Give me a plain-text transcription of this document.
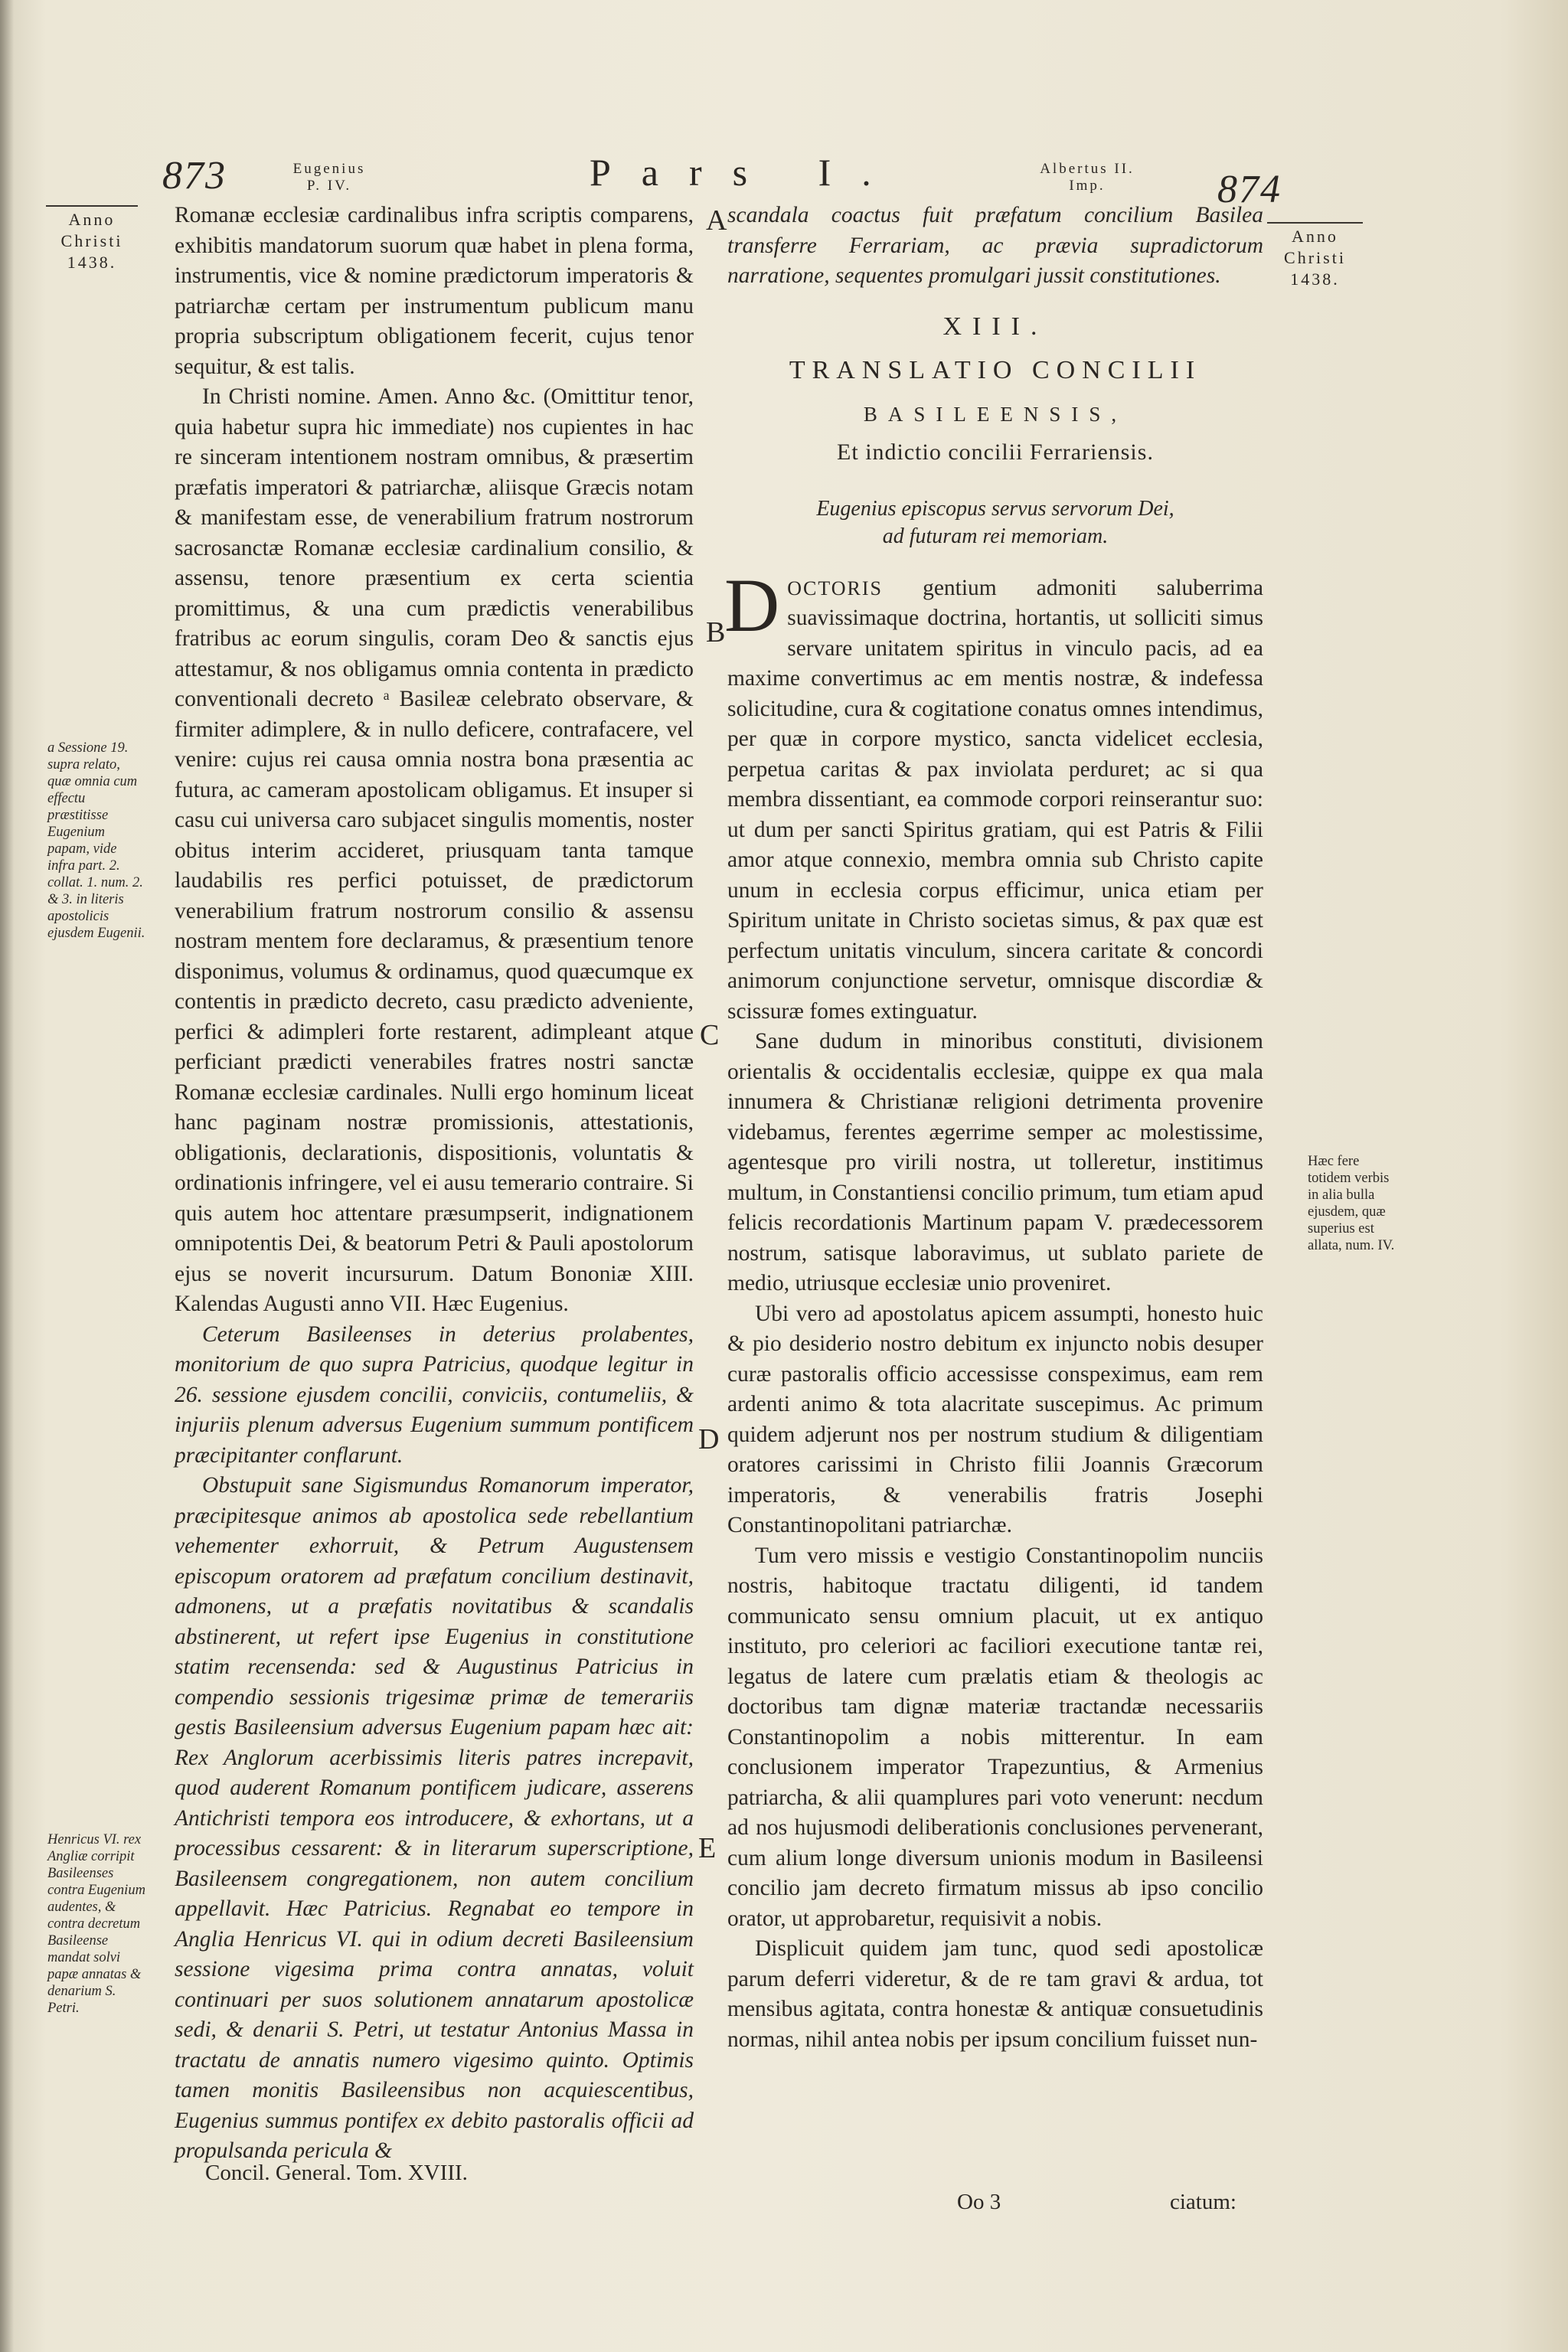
873	Eugenius
P. IV.	Pars I.	Albertus II.
Imp.	874
Anno
Christi
1438.
Anno
Christi
1438.
A
B
C
D
E
a Sessione 19. supra relato, quæ omnia cum effectu præstitisse Eugenium papam, vide infra part. 2. collat. 1. num. 2. & 3. in literis apostolicis ejusdem Eugenii.
Henricus VI. rex Angliæ corripit Basileenses contra Eugenium audentes, & contra decretum Basileense mandat solvi papæ annatas & denarium S. Petri.

Romanæ ecclesiæ cardinalibus infra scriptis comparens, exhibitis mandatorum suorum quæ habet in plena forma, instrumentis, vice & nomine prædictorum imperatoris & patriarchæ certam per instrumentum publicum manu propria subscriptum obligationem fecerit, cujus tenor sequitur, & est talis.

In Christi nomine. Amen. Anno &c. (Omittitur tenor, quia habetur supra hic immediate) nos cupientes in hac re sinceram intentionem nostram omnibus, & præsertim præfatis imperatori & patriarchæ, aliisque Græcis notam & manifestam esse, de venerabilium fratrum nostrorum sacrosanctæ Romanæ ecclesiæ cardinalium consilio, & assensu, tenore præsentium ex certa scientia promittimus, & una cum prædictis venerabilibus fratribus ac eorum singulis, coram Deo & sanctis ejus attestamur, & nos obligamus omnia contenta in prædicto conventionali decreto ᵃ Basileæ celebrato observare, & firmiter adimplere, & in nullo deficere, contrafacere, vel venire: cujus rei causa omnia nostra bona præsentia ac futura, ac cameram apostolicam obligamus. Et insuper si casu cui universa caro subjacet singulis momentis, noster obitus interim accideret, priusquam tanta tamque laudabilis res perfici potuisset, de prædictorum venerabilium fratrum nostrorum consilio & assensu nostram mentem fore declaramus, & præsentium tenore disponimus, volumus & ordinamus, quod quæcumque ex contentis in prædicto decreto, casu prædicto adveniente, perfici & adimpleri forte restarent, adimpleant atque perficiant prædicti venerabiles fratres nostri sanctæ Romanæ ecclesiæ cardinales. Nulli ergo hominum liceat hanc paginam nostræ promissionis, attestationis, obligationis, declarationis, dispositionis, voluntatis & ordinationis infringere, vel ei ausu temerario contraire. Si quis autem hoc attentare præsumpserit, indignationem omnipotentis Dei, & beatorum Petri & Pauli apostolorum ejus se noverit incursurum. Datum Bononiæ XIII. Kalendas Augusti anno VII. Hæc Eugenius.

Ceterum Basileenses in deterius prolabentes, monitorium de quo supra Patricius, quodque legitur in 26. sessione ejusdem concilii, conviciis, contumeliis, & injuriis plenum adversus Eugenium summum pontificem præcipitanter conflarunt.

Obstupuit sane Sigismundus Romanorum imperator, præcipitesque animos ab apostolica sede rebellantium vehementer exhorruit, & Petrum Augustensem episcopum oratorem ad præfatum concilium destinavit, admonens, ut a præfatis novitatibus & scandalis abstinerent, ut refert ipse Eugenius in constitutione statim recensenda: sed & Augustinus Patricius in compendio sessionis trigesimæ primæ de temerariis gestis Basileensium adversus Eugenium papam hæc ait: Rex Anglorum acerbissimis literis patres increpavit, quod auderent Romanum pontificem judicare, asserens Antichristi tempora eos introducere, & exhortans, ut a processibus cessarent: & in literarum superscriptione, Basileensem congregationem, non autem concilium appellavit. Hæc Patricius. Regnabat eo tempore in Anglia Henricus VI. qui in odium decreti Basileensium sessione vigesima prima contra annatas, voluit continuari per suos solutionem annatarum apostolicæ sedi, & denarii S. Petri, ut testatur Antonius Massa in tractatu de annatis numero vigesimo quinto. Optimis tamen monitis Basileensibus non acquiescentibus, Eugenius summus pontifex ex debito pastoralis officii ad propulsanda pericula &

Concil. General. Tom. XVIII.
Hæc fere totidem verbis in alia bulla ejusdem, quæ superius est allata, num. IV.

scandala coactus fuit præfatum concilium Basilea transferre Ferrariam, ac prævia supradictorum narratione, sequentes promulgari jussit constitutiones.

XIII.
TRANSLATIO CONCILII
BASILEENSIS,
Et indictio concilii Ferrariensis.
Eugenius episcopus servus servorum Dei,
ad futuram rei memoriam.

DOCTORIS gentium admoniti saluberrima suavissimaque doctrina, hortantis, ut solliciti simus servare unitatem spiritus in vinculo pacis, ad ea maxime convertimus ac em mentis nostræ, & indefessa solicitudine, cura & cogitatione conatus omnes intendimus, per quæ in corpore mystico, sancta videlicet ecclesia, perpetua caritas & pax inviolata perduret; ac si qua membra dissentiant, ea commode corpori reinserantur suo: ut dum per sancti Spiritus gratiam, qui est Patris & Filii amor atque connexio, membra omnia sub Christo capite unum in ecclesia corpus efficimur, unica etiam per Spiritum unitate in Christo societas simus, & pax quæ est perfectum unitatis vinculum, sincera caritate & concordi animorum conjunctione servetur, omnisque discordiæ & scissuræ fomes extinguatur.

Sane dudum in minoribus constituti, divisionem orientalis & occidentalis ecclesiæ, quippe ex qua mala innumera & Christianæ religioni detrimenta provenire videbamus, ferentes ægerrime semper ac molestissime, agentesque pro virili nostra, ut tolleretur, institimus multum, in Constantiensi concilio primum, tum etiam apud felicis recordationis Martinum papam V. prædecessorem nostrum, satisque laboravimus, ut sublato pariete de medio, utriusque ecclesiæ unio proveniret.

Ubi vero ad apostolatus apicem assumpti, honesto huic & pio desiderio nostro debitum ex injuncto nobis desuper curæ pastoralis officio accessisse conspeximus, eam rem ardenti animo & tota alacritate suscepimus. Ac primum quidem adjerunt nos per nostrum studium & diligentiam oratores carissimi in Christo filii Joannis Græcorum imperatoris, & venerabilis fratris Josephi Constantinopolitani patriarchæ.

Tum vero missis e vestigio Constantinopolim nunciis nostris, habitoque tractatu diligenti, id tandem communicato sensu omnium placuit, ut ex antiquo instituto, pro celeriori ac faciliori executione tantæ rei, legatus de latere cum prælatis etiam & theologis ac doctoribus tam dignæ materiæ tractandæ necessariis Constantinopolim a nobis mitterentur. In eam conclusionem imperator Trapezuntius, & Armenius patriarcha, & alii quamplures pari voto venerunt: necdum ad nos hujusmodi deliberationis conclusiones pervenerant, cum alium longe diversum unionis modum in Basileensi concilio jam decreto firmatum missus ab ipso concilio orator, ut approbaretur, requisivit a nobis.

Displicuit quidem jam tunc, quod sedi apostolicæ parum deferri videretur, & de re tam gravi & ardua, tot mensibus agitata, contra honestæ & antiquæ consuetudinis normas, nihil antea nobis per ipsum concilium fuisset nun-

Oo 3	ciatum:
